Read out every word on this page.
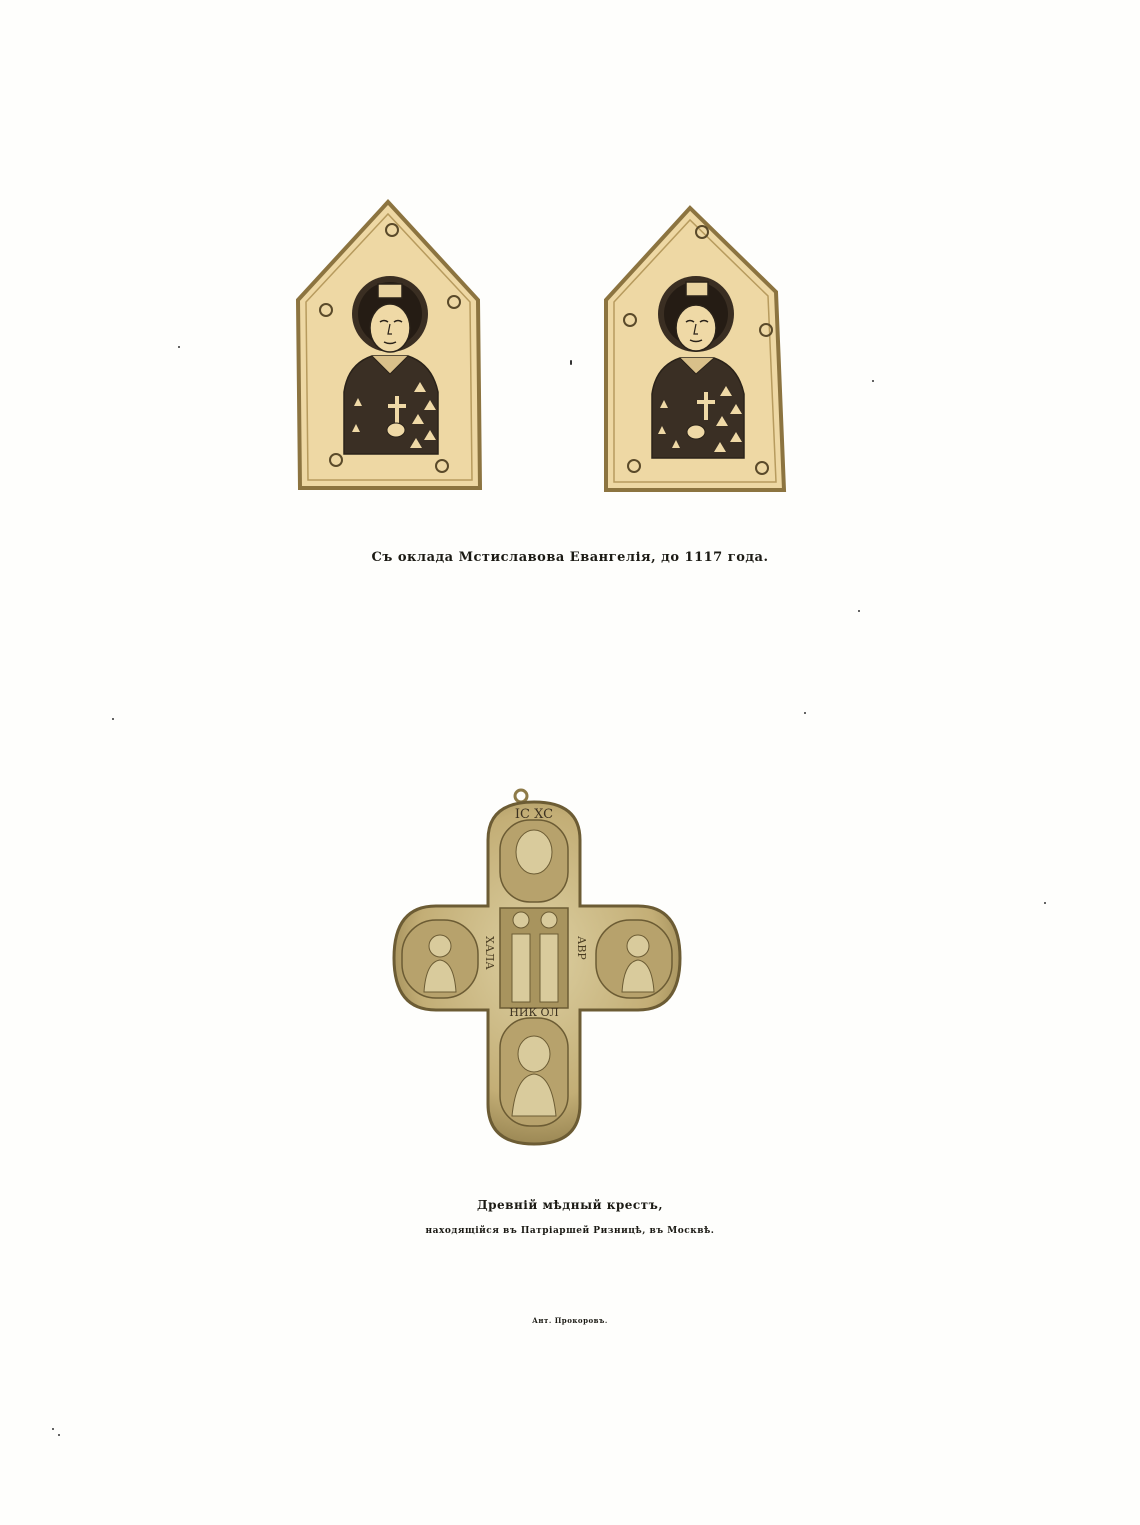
Съ оклада Мстиславова Евангелія, до 1117 года.
ХАЛА	АВР
IC XC
НИК ОЛ
Древній мѣдный крестъ,
находящійся въ Патріаршей Ризницѣ, въ Москвѣ.
Ант. Прокоровъ.
